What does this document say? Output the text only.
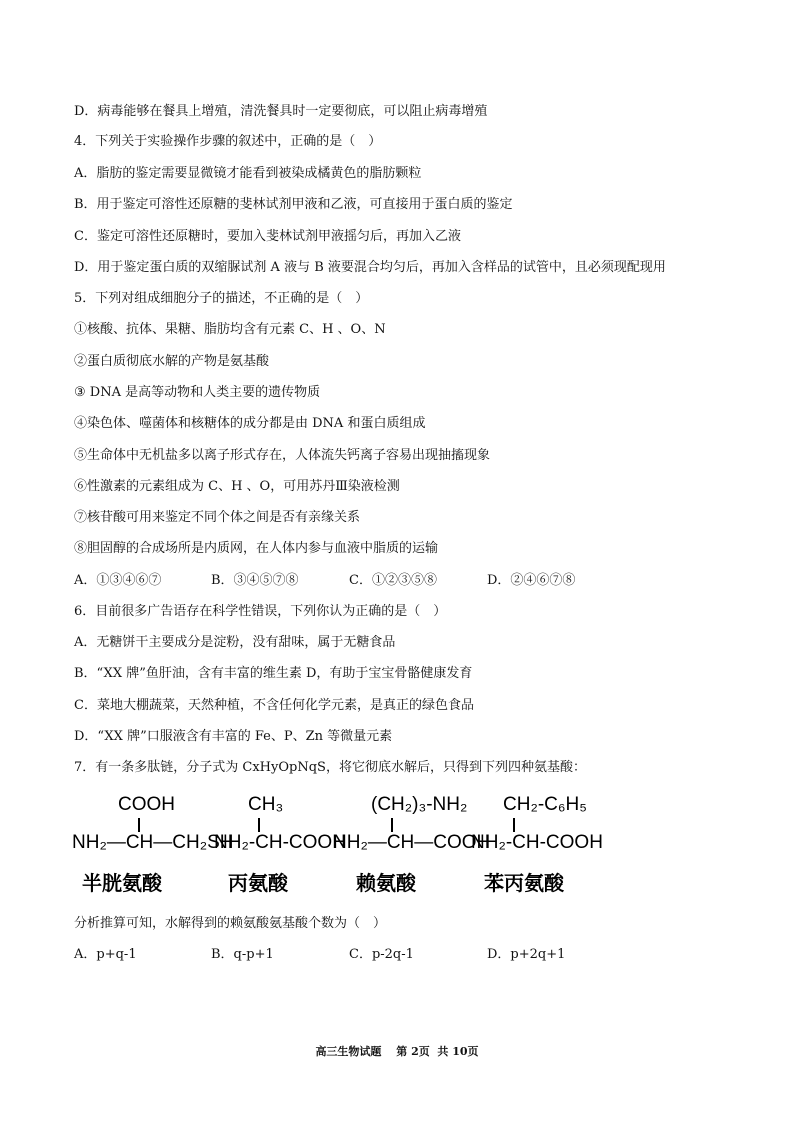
D．病毒能够在餐具上增殖，清洗餐具时一定要彻底，可以阻止病毒增殖
4．下列关于实验操作步骤的叙述中，正确的是（　）
A．脂肪的鉴定需要显微镜才能看到被染成橘黄色的脂肪颗粒
B．用于鉴定可溶性还原糖的斐林试剂甲液和乙液，可直接用于蛋白质的鉴定
C．鉴定可溶性还原糖时，要加入斐林试剂甲液摇匀后，再加入乙液
D．用于鉴定蛋白质的双缩脲试剂 A 液与 B 液要混合均匀后，再加入含样品的试管中，且必须现配现用
5．下列对组成细胞分子的描述，不正确的是（　）
①核酸、抗体、果糖、脂肪均含有元素 C、H 、O、N
②蛋白质彻底水解的产物是氨基酸
③ DNA 是高等动物和人类主要的遗传物质
④染色体、噬菌体和核糖体的成分都是由 DNA 和蛋白质组成
⑤生命体中无机盐多以离子形式存在，人体流失钙离子容易出现抽搐现象
⑥性激素的元素组成为 C、H 、O，可用苏丹Ⅲ染液检测
⑦核苷酸可用来鉴定不同个体之间是否有亲缘关系
⑧胆固醇的合成场所是内质网，在人体内参与血液中脂质的运输
A．①③④⑥⑦	B．③④⑤⑦⑧	C．①②③⑤⑧	D．②④⑥⑦⑧
6．目前很多广告语存在科学性错误，下列你认为正确的是（　）
A．无糖饼干主要成分是淀粉，没有甜味，属于无糖食品
B．“XX 牌”鱼肝油，含有丰富的维生素 D，有助于宝宝骨骼健康发育
C．菜地大棚蔬菜，天然种植，不含任何化学元素，是真正的绿色食品
D．“XX 牌”口服液含有丰富的 Fe、P、Zn 等微量元素
7．有一条多肽链，分子式为 CxHyOpNqS，将它彻底水解后，只得到下列四种氨基酸：
COOH
NH₂—CH—CH₂SH
半胱氨酸
CH₃
NH₂-CH-COOH
丙氨酸
(CH₂)₃-NH₂
NH₂—CH—COOH
赖氨酸
CH₂-C₆H₅
NH₂-CH-COOH
苯丙氨酸
分析推算可知，水解得到的赖氨酸氨基酸个数为（　）
A．p+q-1	B．q-p+1	C．p-2q-1	D．p+2q+1
高三生物试题　 第 2页  共 10页
